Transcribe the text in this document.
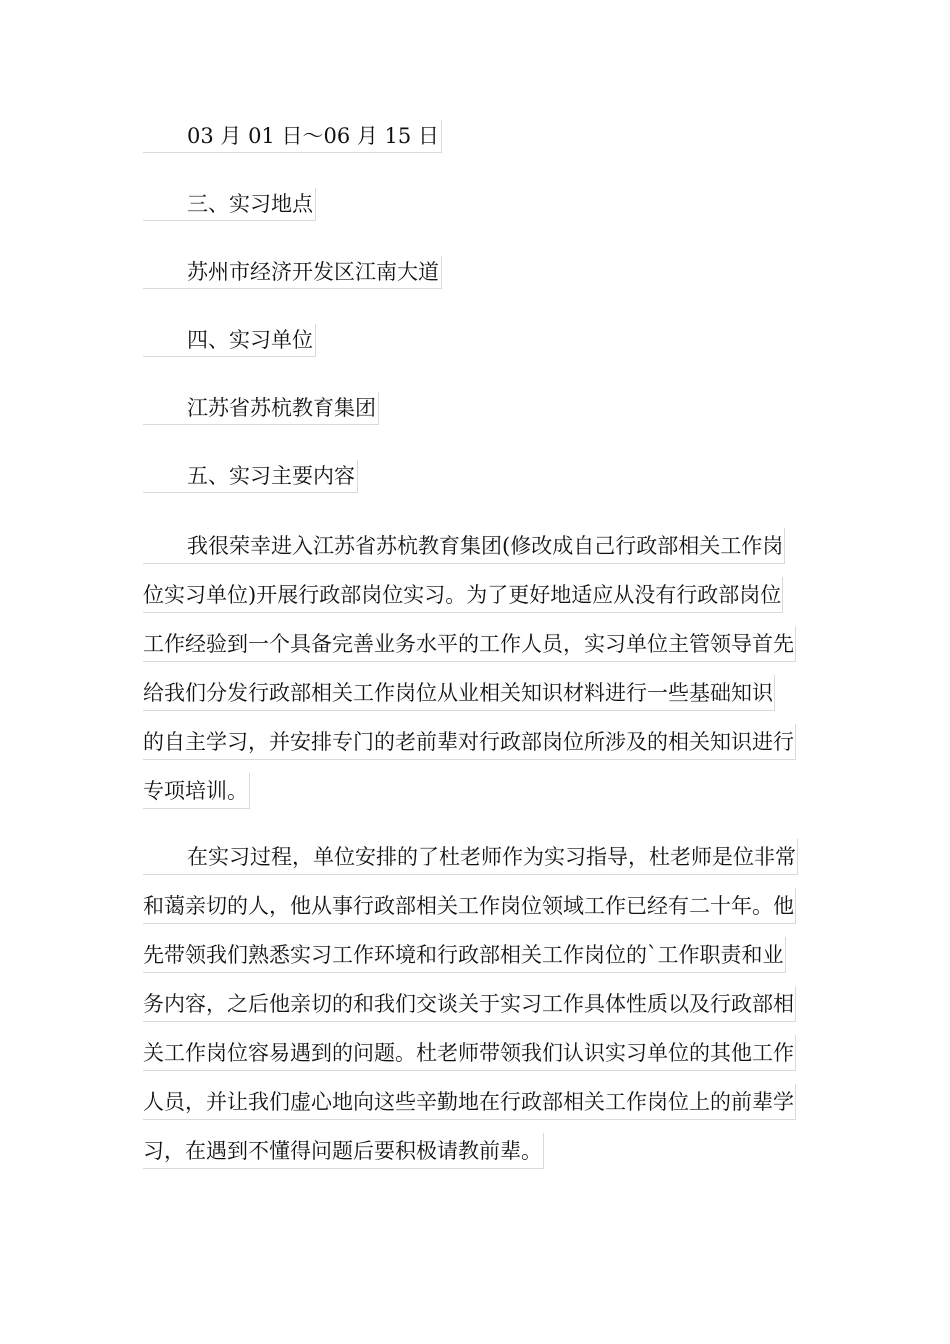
03 月 01 日～06 月 15 日
三、实习地点
苏州市经济开发区江南大道
四、实习单位
江苏省苏杭教育集团
五、实习主要内容
我很荣幸进入江苏省苏杭教育集团(修改成自己行政部相关工作岗
位实习单位)开展行政部岗位实习。为了更好地适应从没有行政部岗位
工作经验到一个具备完善业务水平的工作人员，实习单位主管领导首先
给我们分发行政部相关工作岗位从业相关知识材料进行一些基础知识
的自主学习，并安排专门的老前辈对行政部岗位所涉及的相关知识进行
专项培训。
在实习过程，单位安排的了杜老师作为实习指导，杜老师是位非常
和蔼亲切的人，他从事行政部相关工作岗位领域工作已经有二十年。他
先带领我们熟悉实习工作环境和行政部相关工作岗位的`工作职责和业
务内容，之后他亲切的和我们交谈关于实习工作具体性质以及行政部相
关工作岗位容易遇到的问题。杜老师带领我们认识实习单位的其他工作
人员，并让我们虚心地向这些辛勤地在行政部相关工作岗位上的前辈学
习，在遇到不懂得问题后要积极请教前辈。
